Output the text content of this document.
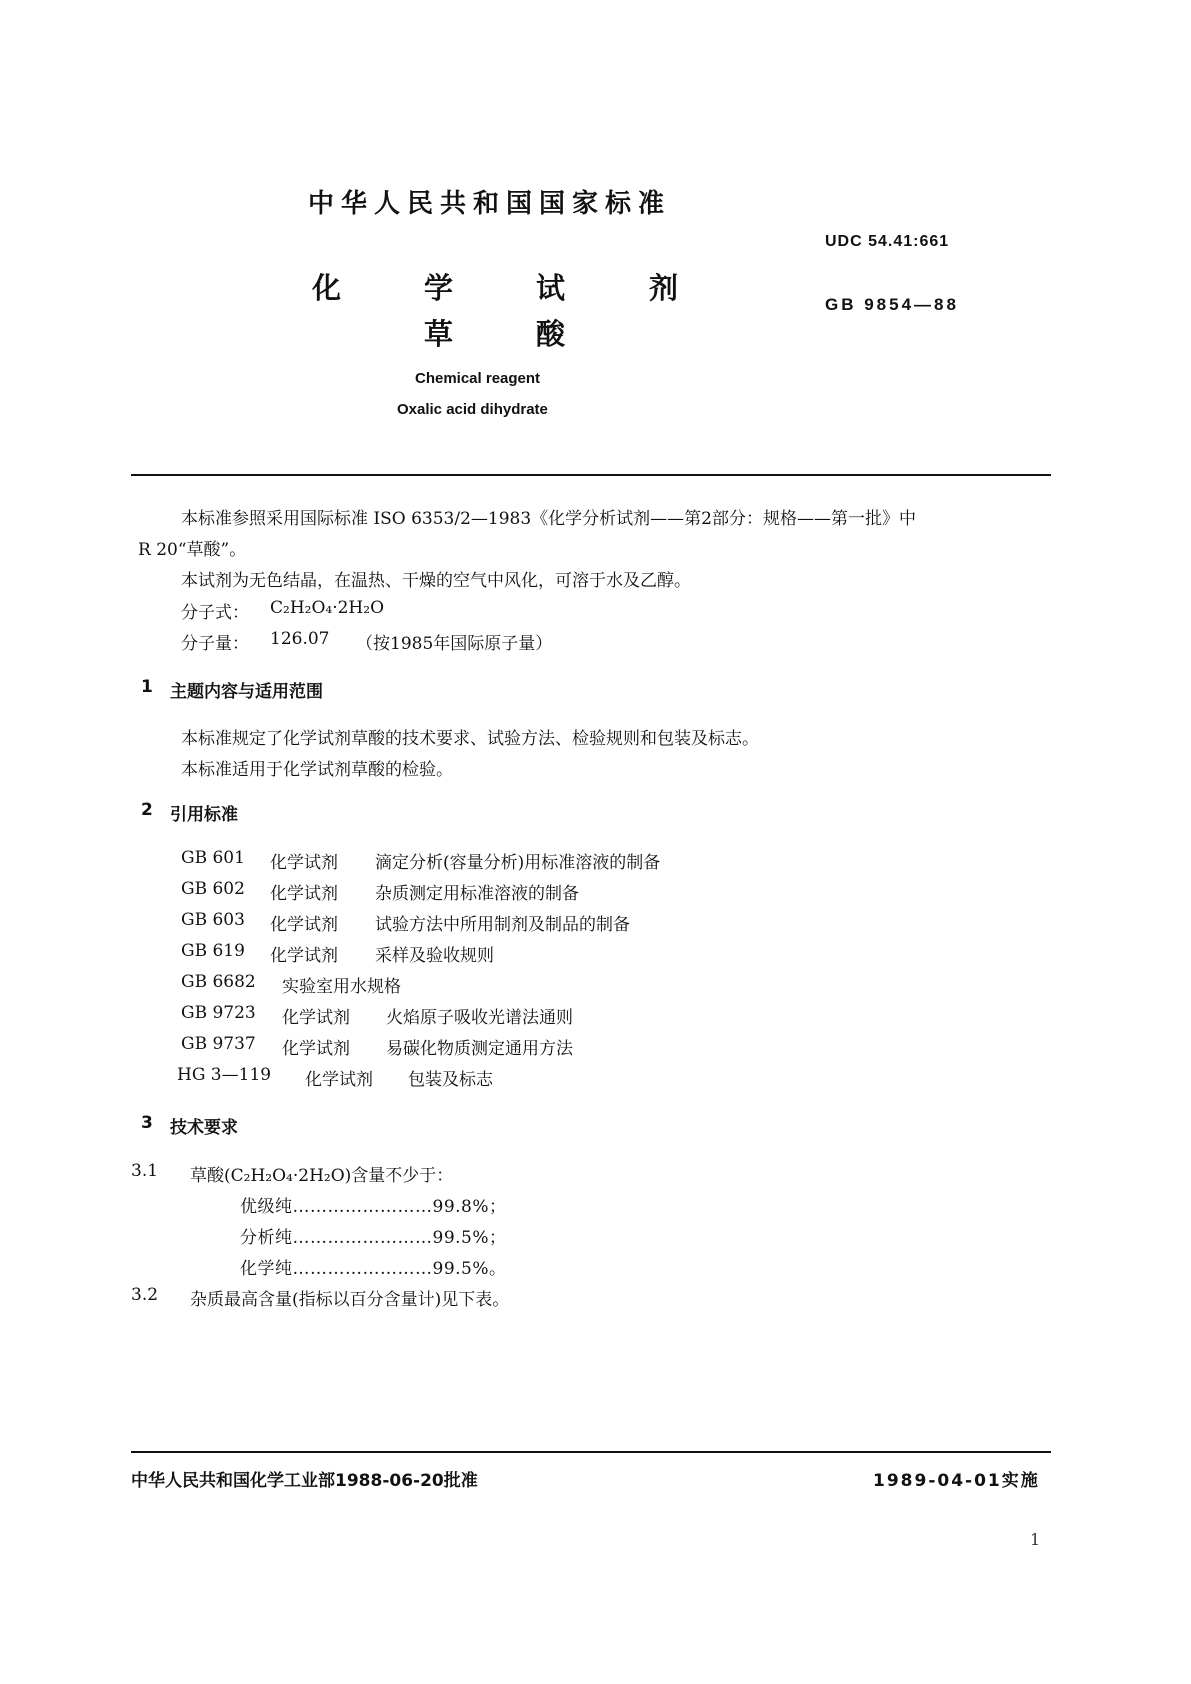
中华人民共和国国家标准
UDC 54.41:661
GB 9854—88
化	学	试	剂
草	酸
Chemical reagent
Oxalic acid dihydrate
本标准参照采用国际标准 ISO 6353/2—1983《化学分析试剂——第2部分：规格——第一批》中
R 20“草酸”。
本试剂为无色结晶，在温热、干燥的空气中风化，可溶于水及乙醇。
分子式： C₂H₂O₄·2H₂O
分子量： 126.07 （按1985年国际原子量）
1 主题内容与适用范围
本标准规定了化学试剂草酸的技术要求、试验方法、检验规则和包装及标志。
本标准适用于化学试剂草酸的检验。
2 引用标准
GB 601 化学试剂 滴定分析(容量分析)用标准溶液的制备
GB 602 化学试剂 杂质测定用标准溶液的制备
GB 603 化学试剂 试验方法中所用制剂及制品的制备
GB 619 化学试剂 采样及验收规则
GB 6682 实验室用水规格
GB 9723 化学试剂 火焰原子吸收光谱法通则
GB 9737 化学试剂 易碳化物质测定通用方法
HG 3—119 化学试剂 包装及标志
3 技术要求
3.1 草酸(C₂H₂O₄·2H₂O)含量不少于：
优级纯……………………99.8%；
分析纯……………………99.5%；
化学纯……………………99.5%。
3.2 杂质最高含量(指标以百分含量计)见下表。
中华人民共和国化学工业部1988-06-20批准	1989-04-01实施
1
